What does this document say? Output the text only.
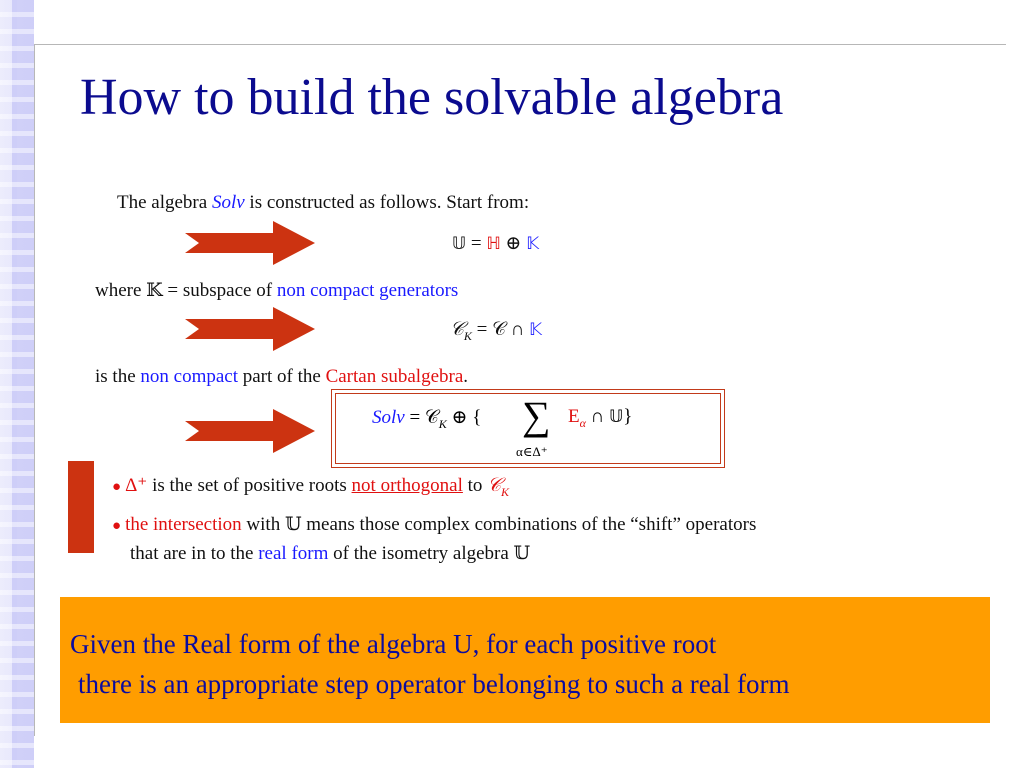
How to build the solvable algebra
The algebra Solv is constructed as follows. Start from:
𝕌 = ℍ ⊕ 𝕂
where 𝕂 = subspace of non compact generators
𝒞$_K$ = 𝒞 ∩ 𝕂
is the non compact part of the Cartan subalgebra.
Solv = 𝒞$_K$ ⊕ { ∑
α∈Δ⁺
$E_\alpha$ ∩ 𝕌}
● Δ⁺ is the set of positive roots not orthogonal to 𝒞$_K$
● the intersection with 𝕌 means those complex combinations of the “shift” operators
that are in to the real form of the isometry algebra 𝕌

Given the Real form of the algebra U, for each positive root

there is an appropriate step operator belonging to such a real form
